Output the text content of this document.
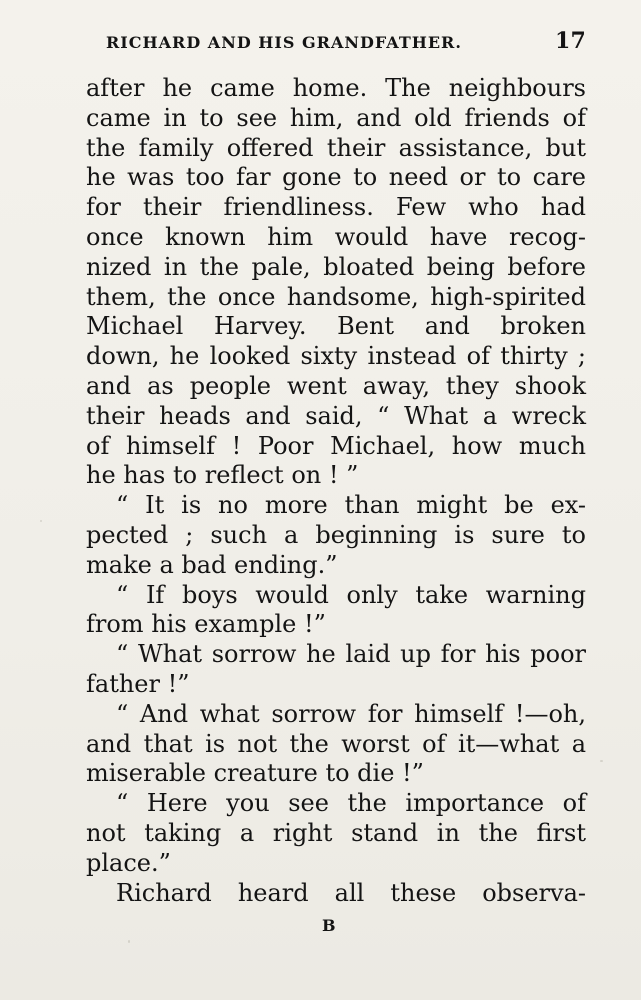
RICHARD AND HIS GRANDFATHER.	17
after he came home. The neighbours
came in to see him, and old friends of
the family offered their assistance, but
he was too far gone to need or to care
for their friendliness. Few who had
once known him would have recog-
nized in the pale, bloated being before
them, the once handsome, high-spirited
Michael Harvey. Bent and broken
down, he looked sixty instead of thirty ;
and as people went away, they shook
their heads and said, “ What a wreck
of himself ! Poor Michael, how much
he has to reflect on ! ”
“ It is no more than might be ex-
pected ; such a beginning is sure to
make a bad ending.”
“ If boys would only take warning
from his example !”
“ What sorrow he laid up for his poor
father !”
“ And what sorrow for himself !—oh,
and that is not the worst of it—what a
miserable creature to die !”
“ Here you see the importance of
not taking a right stand in the first
place.”
Richard heard all these observa-
B
